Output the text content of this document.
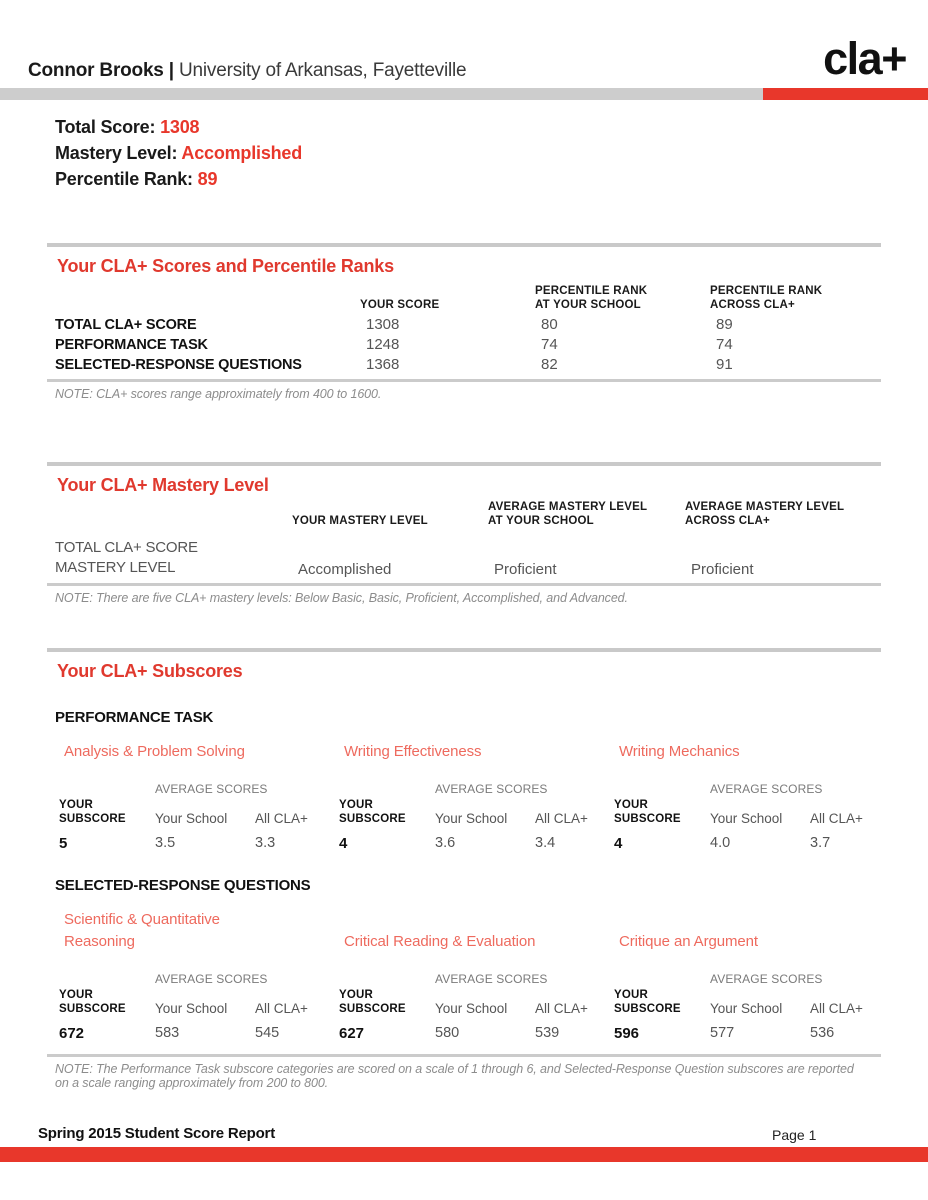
Connor Brooks | University of Arkansas, Fayetteville	cla+
Total Score: 1308
Mastery Level: Accomplished
Percentile Rank: 89
Your CLA+ Scores and Percentile Ranks
YOUR SCORE
PERCENTILE RANK
AT YOUR SCHOOL
PERCENTILE RANK
ACROSS CLA+
TOTAL CLA+ SCORE	1308	80	89
PERFORMANCE TASK	1248	74	74
SELECTED-RESPONSE QUESTIONS	1368	82	91
NOTE: CLA+ scores range approximately from 400 to 1600.
Your CLA+ Mastery Level
YOUR MASTERY LEVEL
AVERAGE MASTERY LEVEL
AT YOUR SCHOOL
AVERAGE MASTERY LEVEL
ACROSS CLA+
TOTAL CLA+ SCORE
MASTERY LEVEL	Accomplished	Proficient	Proficient
NOTE: There are five CLA+ mastery levels: Below Basic, Basic, Proficient, Accomplished, and Advanced.
Your CLA+ Subscores
PERFORMANCE TASK
Analysis & Problem Solving	Writing Effectiveness	Writing Mechanics
AVERAGE SCORES
YOUR
SUBSCORE	Your School	All CLA+
5	3.5	3.3
AVERAGE SCORES
YOUR
SUBSCORE	Your School	All CLA+
4	3.6	3.4
AVERAGE SCORES
YOUR
SUBSCORE	Your School	All CLA+
4	4.0	3.7
SELECTED-RESPONSE QUESTIONS
Scientific & Quantitative Reasoning	Critical Reading & Evaluation	Critique an Argument
AVERAGE SCORES
YOUR
SUBSCORE	Your School	All CLA+
672	583	545
AVERAGE SCORES
YOUR
SUBSCORE	Your School	All CLA+
627	580	539
AVERAGE SCORES
YOUR
SUBSCORE	Your School	All CLA+
596	577	536
NOTE: The Performance Task subscore categories are scored on a scale of 1 through 6, and Selected-Response Question subscores are reported on a scale ranging approximately from 200 to 800.
Spring 2015 Student Score Report	Page 1
